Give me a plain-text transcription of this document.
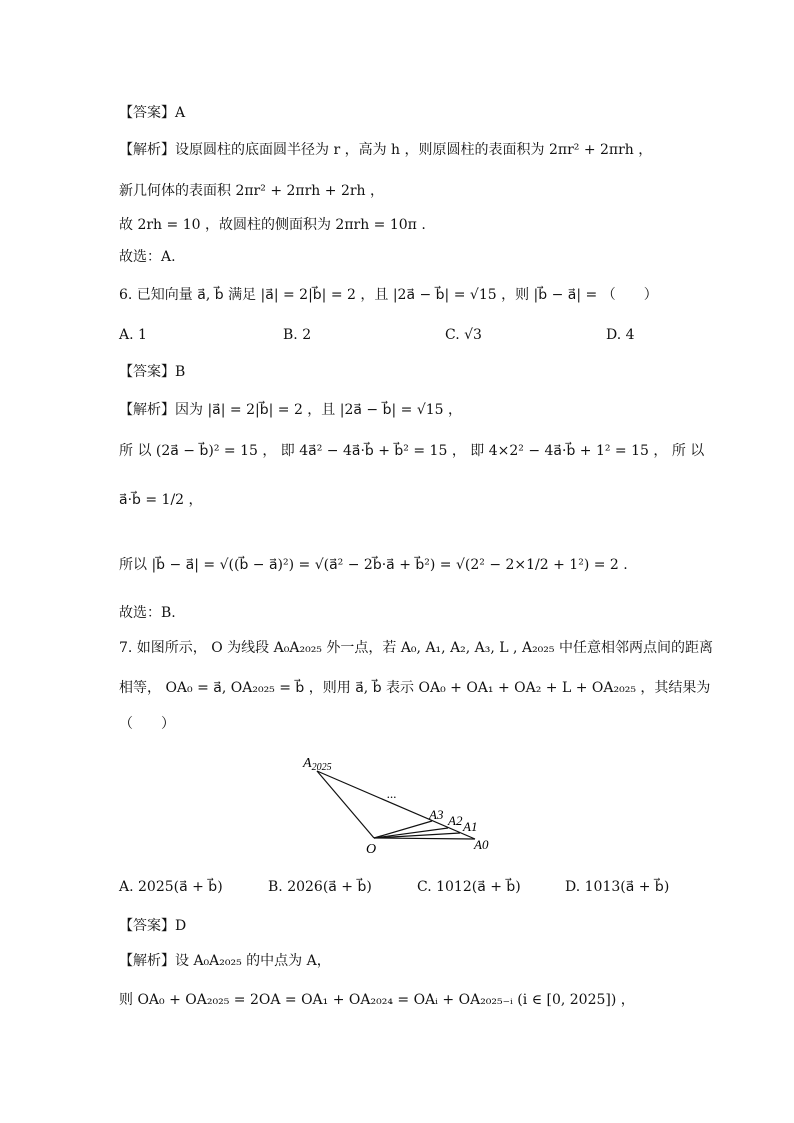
【答案】A
【解析】设原圆柱的底面圆半径为 r ，高为 h ，则原圆柱的表面积为 2πr² + 2πrh ，
新几何体的表面积 2πr² + 2πrh + 2rh ，
故 2rh = 10 ，故圆柱的侧面积为 2πrh = 10π .
故选：A.
6. 已知向量 a⃗, b⃗ 满足 |a⃗| = 2|b⃗| = 2 ，且 |2a⃗ − b⃗| = √15 ，则 |b⃗ − a⃗| = （　　）
A. 1	B. 2	C. √3	D. 4
【答案】B
【解析】因为 |a⃗| = 2|b⃗| = 2 ，且 |2a⃗ − b⃗| = √15 ，
所 以 (2a⃗ − b⃗)² = 15 ， 即 4a⃗² − 4a⃗·b⃗ + b⃗² = 15 ， 即 4×2² − 4a⃗·b⃗ + 1² = 15 ， 所 以
a⃗·b⃗ = 1/2 ，
所以 |b⃗ − a⃗| = √((b⃗ − a⃗)²) = √(a⃗² − 2b⃗·a⃗ + b⃗²) = √(2² − 2×1/2 + 1²) = 2 .
故选：B.
7. 如图所示， O 为线段 A₀A₂₀₂₅ 外一点，若 A₀, A₁, A₂, A₃, L , A₂₀₂₅ 中任意相邻两点间的距离
相等， OA₀ = a⃗, OA₂₀₂₅ = b⃗ ，则用 a⃗, b⃗ 表示 OA₀ + OA₁ + OA₂ + L + OA₂₀₂₅ ，其结果为
（　　）
$A_{2025}$
...
A3 A2 A1
A0
O
A. 2025(a⃗ + b⃗)	B. 2026(a⃗ + b⃗)	C. 1012(a⃗ + b⃗)	D. 1013(a⃗ + b⃗)
【答案】D
【解析】设 A₀A₂₀₂₅ 的中点为 A，
则 OA₀ + OA₂₀₂₅ = 2OA = OA₁ + OA₂₀₂₄ = OAᵢ + OA₂₀₂₅₋ᵢ (i ∈ [0, 2025]) ，
